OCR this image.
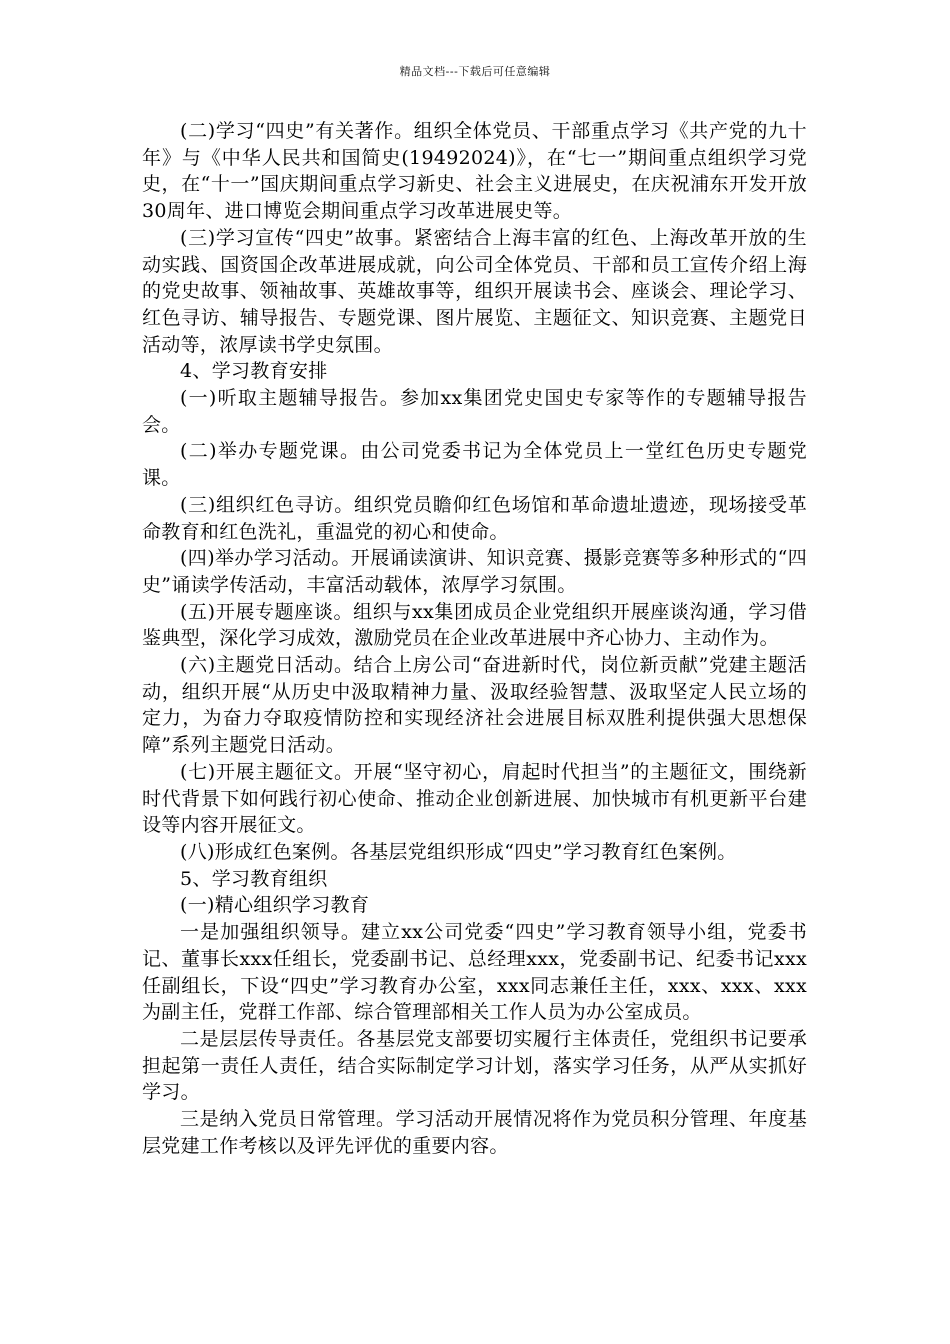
精品文档---下载后可任意编辑

(二)学习“四史”有关著作。组织全体党员、干部重点学习《共产党的九十年》与《中华人民共和国简史(19492024)》，在“七一”期间重点组织学习党史，在“十一”国庆期间重点学习新史、社会主义进展史，在庆祝浦东开发开放30周年、进口博览会期间重点学习改革进展史等。

(三)学习宣传“四史”故事。紧密结合上海丰富的红色、上海改革开放的生动实践、国资国企改革进展成就，向公司全体党员、干部和员工宣传介绍上海的党史故事、领袖故事、英雄故事等，组织开展读书会、座谈会、理论学习、红色寻访、辅导报告、专题党课、图片展览、主题征文、知识竞赛、主题党日活动等，浓厚读书学史氛围。

4、学习教育安排

(一)听取主题辅导报告。参加xx集团党史国史专家等作的专题辅导报告会。

(二)举办专题党课。由公司党委书记为全体党员上一堂红色历史专题党课。

(三)组织红色寻访。组织党员瞻仰红色场馆和革命遗址遗迹，现场接受革命教育和红色洗礼，重温党的初心和使命。

(四)举办学习活动。开展诵读演讲、知识竞赛、摄影竞赛等多种形式的“四史”诵读学传活动，丰富活动载体，浓厚学习氛围。

(五)开展专题座谈。组织与xx集团成员企业党组织开展座谈沟通，学习借鉴典型，深化学习成效，激励党员在企业改革进展中齐心协力、主动作为。

(六)主题党日活动。结合上房公司“奋进新时代，岗位新贡献”党建主题活动，组织开展“从历史中汲取精神力量、汲取经验智慧、汲取坚定人民立场的定力，为奋力夺取疫情防控和实现经济社会进展目标双胜利提供强大思想保障”系列主题党日活动。

(七)开展主题征文。开展“坚守初心，肩起时代担当”的主题征文，围绕新时代背景下如何践行初心使命、推动企业创新进展、加快城市有机更新平台建设等内容开展征文。

(八)形成红色案例。各基层党组织形成“四史”学习教育红色案例。

5、学习教育组织

(一)精心组织学习教育

一是加强组织领导。建立xx公司党委“四史”学习教育领导小组，党委书记、董事长xxx任组长，党委副书记、总经理xxx，党委副书记、纪委书记xxx任副组长，下设“四史”学习教育办公室，xxx同志兼任主任，xxx、xxx、xxx为副主任，党群工作部、综合管理部相关工作人员为办公室成员。

二是层层传导责任。各基层党支部要切实履行主体责任，党组织书记要承担起第一责任人责任，结合实际制定学习计划，落实学习任务，从严从实抓好学习。

三是纳入党员日常管理。学习活动开展情况将作为党员积分管理、年度基层党建工作考核以及评先评优的重要内容。
